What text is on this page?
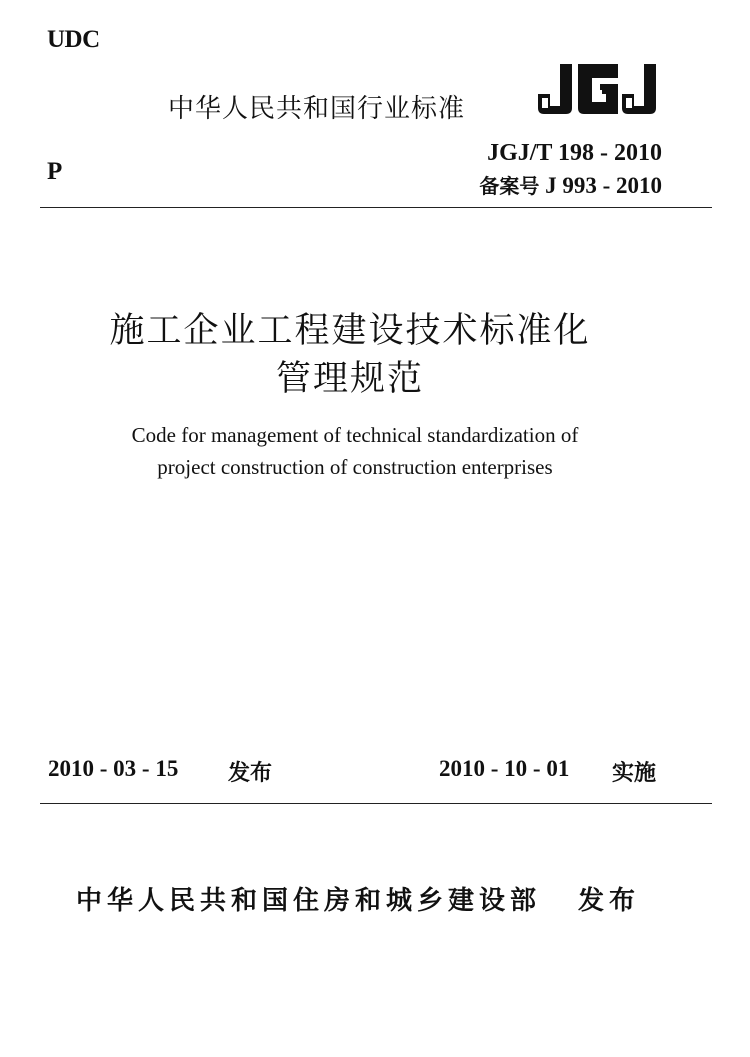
UDC
P
中华人民共和国行业标准
JGJ
JGJ/T 198 - 2010
备案号 J 993 - 2010
施工企业工程建设技术标准化
管理规范
Code for management of technical standardization of
project construction of construction enterprises
2010 - 03 - 15 发布	2010 - 10 - 01 实施
中华人民共和国住房和城乡建设部 发布
